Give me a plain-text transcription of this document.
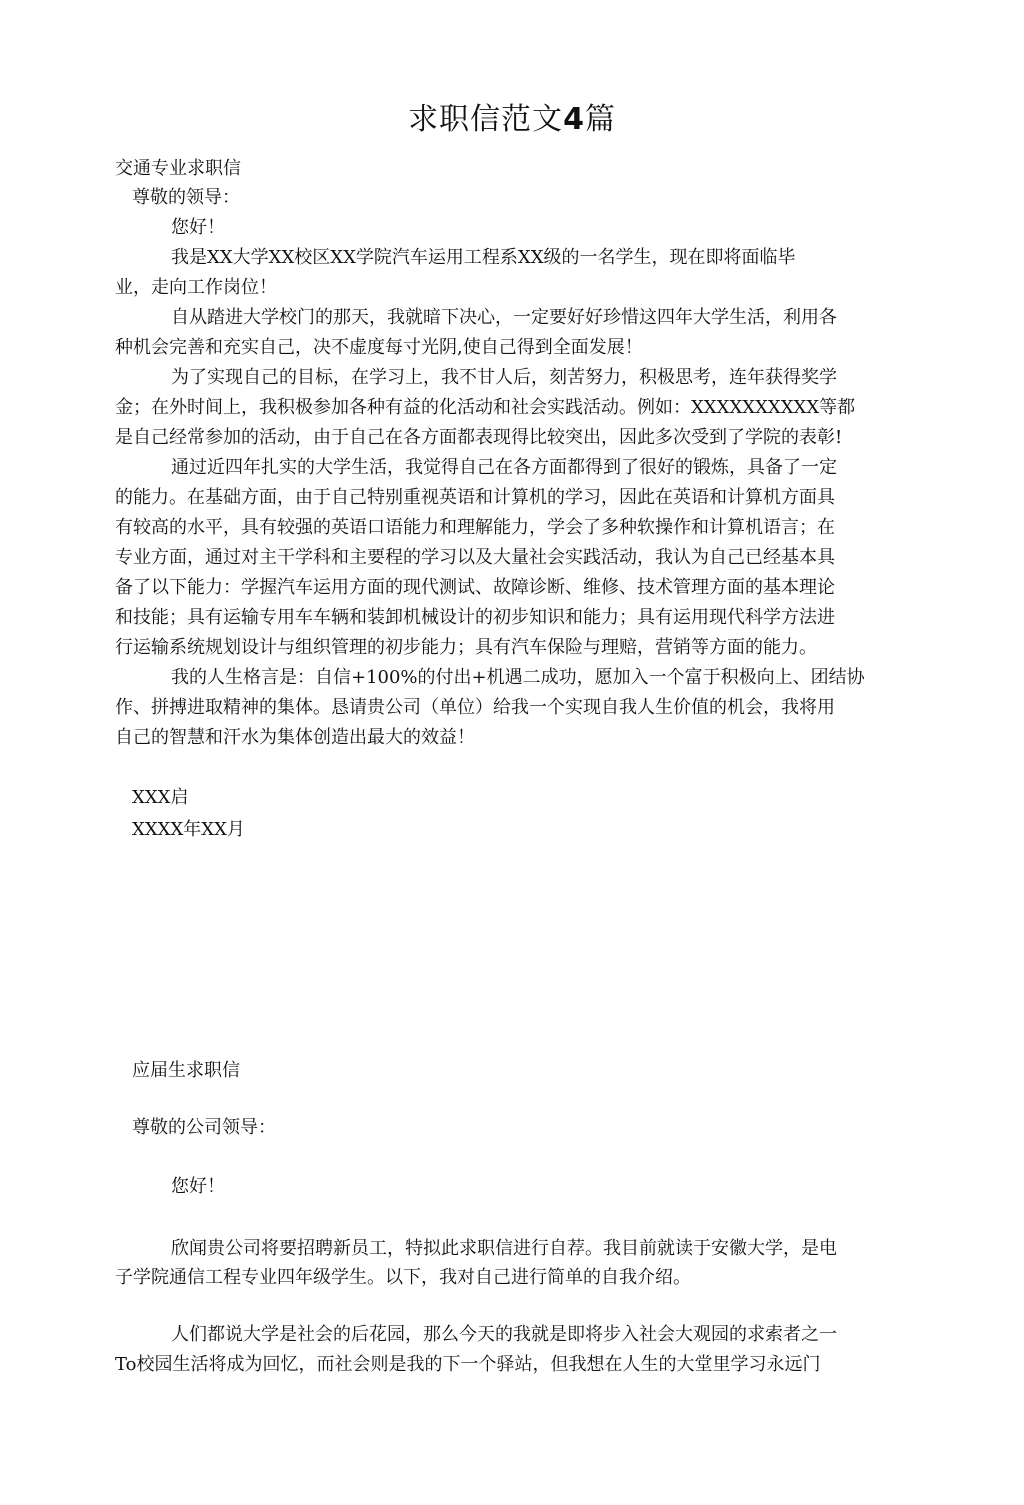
求职信范文4篇
交通专业求职信
尊敬的领导：
您好！
我是XX大学XX校区XX学院汽车运用工程系XX级的一名学生，现在即将面临毕
业，走向工作岗位！
自从踏进大学校门的那天，我就暗下决心，一定要好好珍惜这四年大学生活，利用各
种机会完善和充实自己，决不虚度每寸光阴,使自己得到全面发展！
为了实现自己的目标，在学习上，我不甘人后，刻苦努力，积极思考，连年获得奖学
金；在外时间上，我积极参加各种有益的化活动和社会实践活动。例如：XXXXXXXXXX等都
是自己经常参加的活动，由于自己在各方面都表现得比较突出，因此多次受到了学院的表彰!
通过近四年扎实的大学生活，我觉得自己在各方面都得到了很好的锻炼，具备了一定
的能力。在基础方面，由于自己特别重视英语和计算机的学习，因此在英语和计算机方面具
有较高的水平，具有较强的英语口语能力和理解能力，学会了多种软操作和计算机语言；在
专业方面，通过对主干学科和主要程的学习以及大量社会实践活动，我认为自己已经基本具
备了以下能力：学握汽车运用方面的现代测试、故障诊断、维修、技术管理方面的基本理论
和技能；具有运输专用车车辆和装卸机械设计的初步知识和能力；具有运用现代科学方法进
行运输系统规划设计与组织管理的初步能力；具有汽车保险与理赔，营销等方面的能力。
我的人生格言是：自信+100%的付出+机遇二成功，愿加入一个富于积极向上、团结协
作、拼搏进取精神的集体。恳请贵公司（单位）给我一个实现自我人生价值的机会，我将用
自己的智慧和汗水为集体创造出最大的效益！
XXX启
XXXX年XX月
应届生求职信
尊敬的公司领导：
您好！
欣闻贵公司将要招聘新员工，特拟此求职信进行自荐。我目前就读于安徽大学，是电
子学院通信工程专业四年级学生。以下，我对自己进行简单的自我介绍。
人们都说大学是社会的后花园，那么今天的我就是即将步入社会大观园的求索者之一
To校园生活将成为回忆，而社会则是我的下一个驿站，但我想在人生的大堂里学习永远门
